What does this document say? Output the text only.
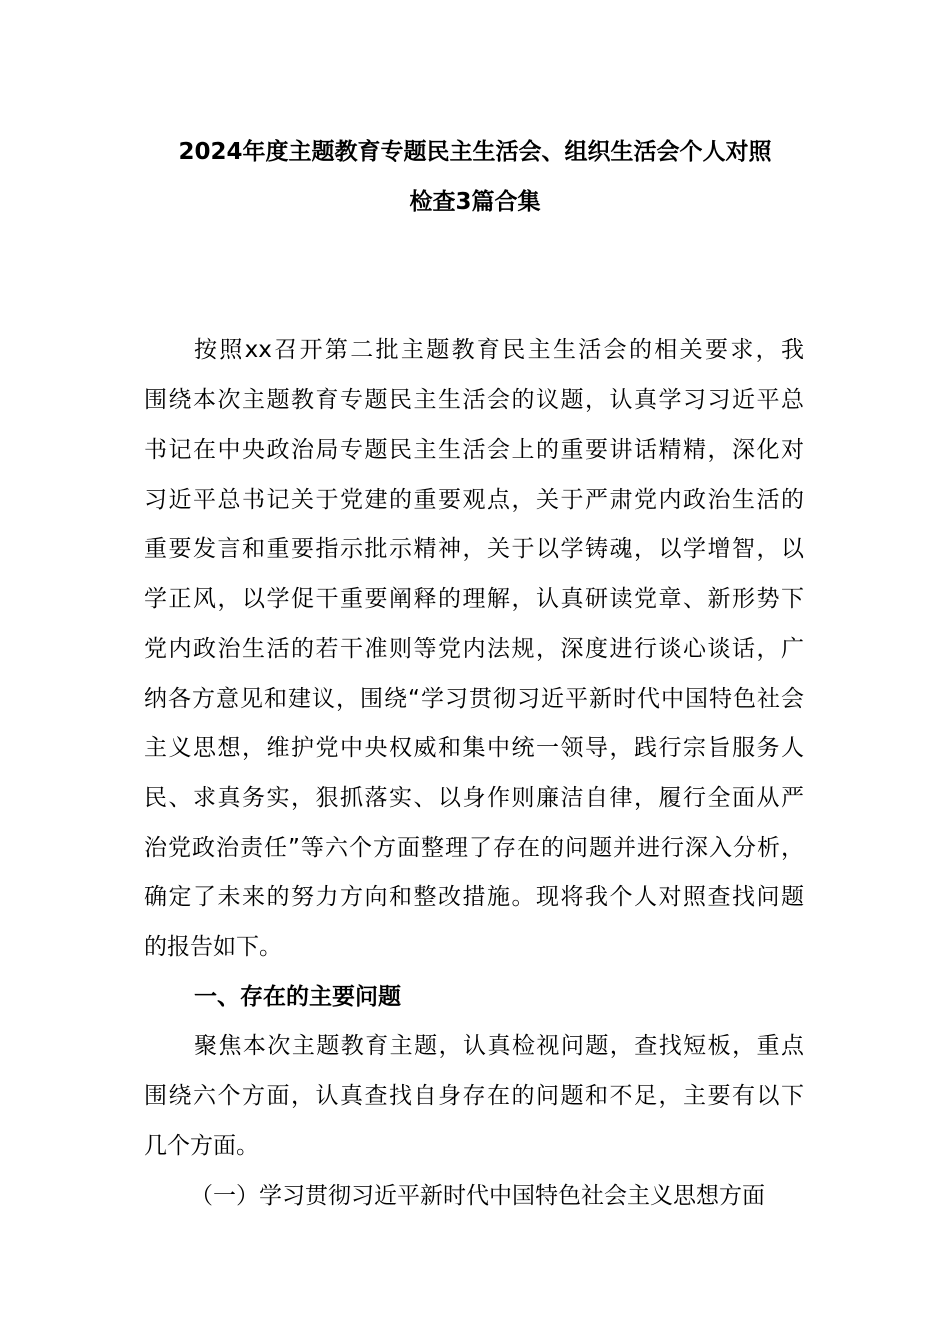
2024年度主题教育专题民主生活会、组织生活会个人对照
检查3篇合集
按照xx召开第二批主题教育民主生活会的相关要求，我
围绕本次主题教育专题民主生活会的议题，认真学习习近平总
书记在中央政治局专题民主生活会上的重要讲话精精，深化对
习近平总书记关于党建的重要观点，关于严肃党内政治生活的
重要发言和重要指示批示精神，关于以学铸魂，以学增智，以
学正风，以学促干重要阐释的理解，认真研读党章、新形势下
党内政治生活的若干准则等党内法规，深度进行谈心谈话，广
纳各方意见和建议，围绕“学习贯彻习近平新时代中国特色社会
主义思想，维护党中央权威和集中统一领导，践行宗旨服务人
民、求真务实，狠抓落实、以身作则廉洁自律，履行全面从严
治党政治责任”等六个方面整理了存在的问题并进行深入分析，
确定了未来的努力方向和整改措施。现将我个人对照查找问题
的报告如下。
一、存在的主要问题
聚焦本次主题教育主题，认真检视问题，查找短板，重点
围绕六个方面，认真查找自身存在的问题和不足，主要有以下
几个方面。
（一）学习贯彻习近平新时代中国特色社会主义思想方面
